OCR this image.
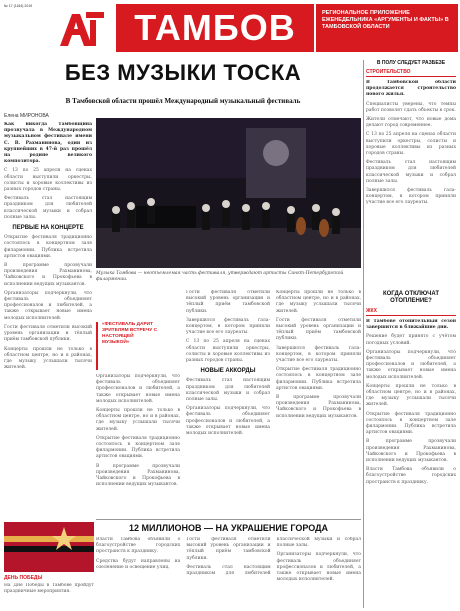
№ 17 (1164) 2019
ТАМБОВ	РЕГИОНАЛЬНОЕ ПРИЛОЖЕНИЕ ЕЖЕНЕДЕЛЬНИКА «АРГУМЕНТЫ И ФАКТЫ» В ТАМБОВСКОЙ ОБЛАСТИ
БЕЗ МУЗЫКИ ТОСКА
В Тамбовской области прошёл Международный музыкальный фестиваль
Елена МИРОНОВА

Как никогда Тамбовщина прозвучала в Международном музыкальном фестивале имени С. В. Рахманинова, один из крупнейших в 47-й раз прошёл на родине великого композитора.

С 13 по 25 апреля на сценах области выступили оркестры, солисты и хоровые коллективы из разных городов страны.

Фестиваль стал настоящим праздником для любителей классической музыки и собрал полные залы.

ПЕРВЫЕ НА КОНЦЕРТЕ

Открытие фестиваля традиционно состоялось в концертном зале филармонии. Публика встретила артистов овациями.

В программе прозвучали произведения Рахманинова, Чайковского и Прокофьева в исполнении ведущих музыкантов.

Организаторы подчеркнули, что фестиваль объединяет профессионалов и любителей, а также открывает новые имена молодых исполнителей.

Гости фестиваля отметили высокий уровень организации и тёплый приём тамбовской публики.

Концерты прошли не только в областном центре, но и в районах, где музыку услышали тысячи жителей.

Музыка Тамбова — неотъемлемая часть фестиваля, утверждают артисты Санкт-Петербургской филармонии.
«ФЕСТИВАЛЬ ДАРИТ ЗРИТЕЛЯМ ВСТРЕЧУ С НАСТОЯЩЕЙ МУЗЫКОЙ»

Организаторы подчеркнули, что фестиваль объединяет профессионалов и любителей, а также открывает новые имена молодых исполнителей.

Концерты прошли не только в областном центре, но и в районах, где музыку услышали тысячи жителей.

Открытие фестиваля традиционно состоялось в концертном зале филармонии. Публика встретила артистов овациями.

В программе прозвучали произведения Рахманинова, Чайковского и Прокофьева в исполнении ведущих музыкантов.

Гости фестиваля отметили высокий уровень организации и тёплый приём тамбовской публики.

Завершился фестиваль гала-концертом, в котором приняли участие все его лауреаты.

С 13 по 25 апреля на сценах области выступили оркестры, солисты и хоровые коллективы из разных городов страны.

НОВЫЕ АККОРДЫ

Фестиваль стал настоящим праздником для любителей классической музыки и собрал полные залы.

Организаторы подчеркнули, что фестиваль объединяет профессионалов и любителей, а также открывает новые имена молодых исполнителей.

Концерты прошли не только в областном центре, но и в районах, где музыку услышали тысячи жителей.

Гости фестиваля отметили высокий уровень организации и тёплый приём тамбовской публики.

Завершился фестиваль гала-концертом, в котором приняли участие все его лауреаты.

Открытие фестиваля традиционно состоялось в концертном зале филармонии. Публика встретила артистов овациями.

В программе прозвучали произведения Рахманинова, Чайковского и Прокофьева в исполнении ведущих музыкантов.

12 МИЛЛИОНОВ — НА УКРАШЕНИЕ ГОРОДА

Власти Тамбова объявили о благоустройстве городских пространств к празднику.

Средства будут направлены на озеленение и освещение улиц.

Гости фестиваля отметили высокий уровень организации и тёплый приём тамбовской публики.

Фестиваль стал настоящим праздником для любителей классической музыки и собрал полные залы.

Организаторы подчеркнули, что фестиваль объединяет профессионалов и любителей, а также открывает новые имена молодых исполнителей.

ДЕНЬ ПОБЕДЫ
На Дне Победы в Тамбове пройдут праздничные мероприятия.
В ПОЛУ СЛЕДУЕТ РАЗБЕЗЕ
СТРОИТЕЛЬСТВО

В Тамбовской области продолжается строительство нового жилья.

Специалисты уверены, что темпы работ позволят сдать объекты в срок.

Жители отмечают, что новые дома делают город современнее.

С 13 по 25 апреля на сценах области выступили оркестры, солисты и хоровые коллективы из разных городов страны.

Фестиваль стал настоящим праздником для любителей классической музыки и собрал полные залы.

Завершился фестиваль гала-концертом, в котором приняли участие все его лауреаты.

КОГДА ОТКЛЮЧАТ ОТОПЛЕНИЕ?
ЖКХ

В Тамбове отопительный сезон завершится в ближайшие дни.

Решение будет принято с учётом погодных условий.

Организаторы подчеркнули, что фестиваль объединяет профессионалов и любителей, а также открывает новые имена молодых исполнителей.

Концерты прошли не только в областном центре, но и в районах, где музыку услышали тысячи жителей.

Открытие фестиваля традиционно состоялось в концертном зале филармонии. Публика встретила артистов овациями.

В программе прозвучали произведения Рахманинова, Чайковского и Прокофьева в исполнении ведущих музыкантов.

Власти Тамбова объявили о благоустройстве городских пространств к празднику.
